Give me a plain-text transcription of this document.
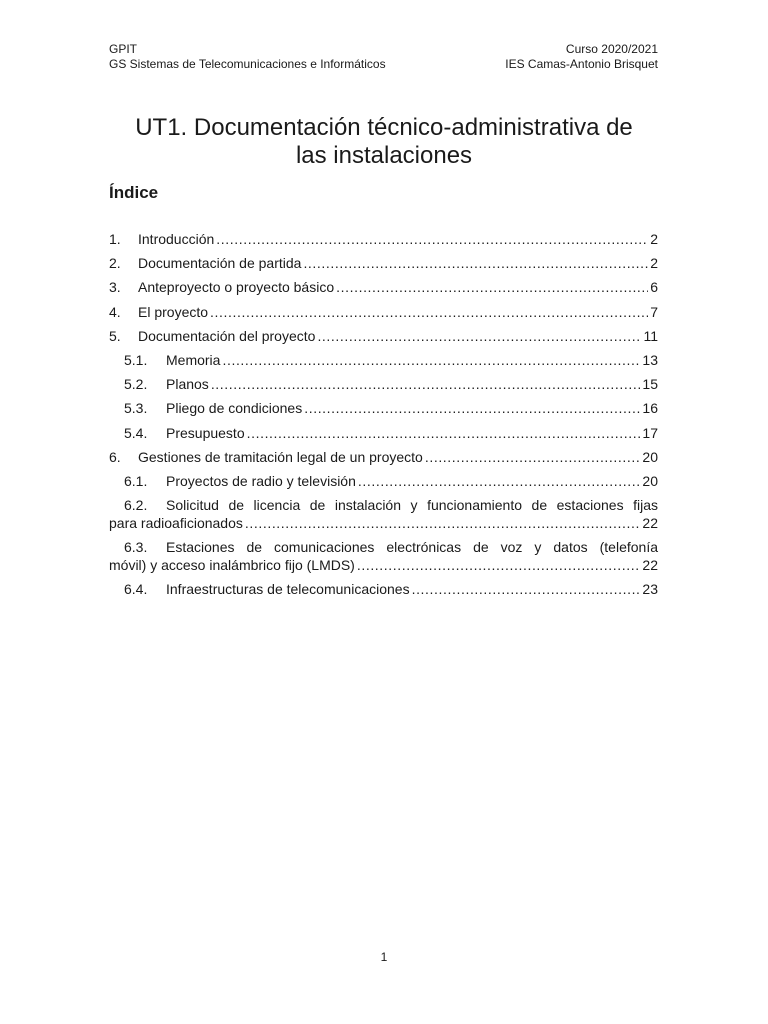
GPIT	Curso 2020/2021
GS Sistemas de Telecomunicaciones e Informáticos	IES Camas-Antonio Brisquet
UT1. Documentación técnico-administrativa de
las instalaciones
Índice
1.	Introducción .....	2
2.	Documentación de partida .....	2
3.	Anteproyecto o proyecto básico .....	6
4.	El proyecto .....	7
5.	Documentación del proyecto .....	11
5.1.	Memoria .....	13
5.2.	Planos .....	15
5.3.	Pliego de condiciones .....	16
5.4.	Presupuesto .....	17
6.	Gestiones de tramitación legal de un proyecto .....	20
6.1.	Proyectos de radio y televisión .....	20
6.2.	Solicitud de licencia de instalación y funcionamiento de estaciones fijas
para radioaficionados .....	22
6.3.	Estaciones de comunicaciones electrónicas de voz y datos (telefonía
móvil) y acceso inalámbrico fijo (LMDS) .....	22
6.4.	Infraestructuras de telecomunicaciones .....	23
1
